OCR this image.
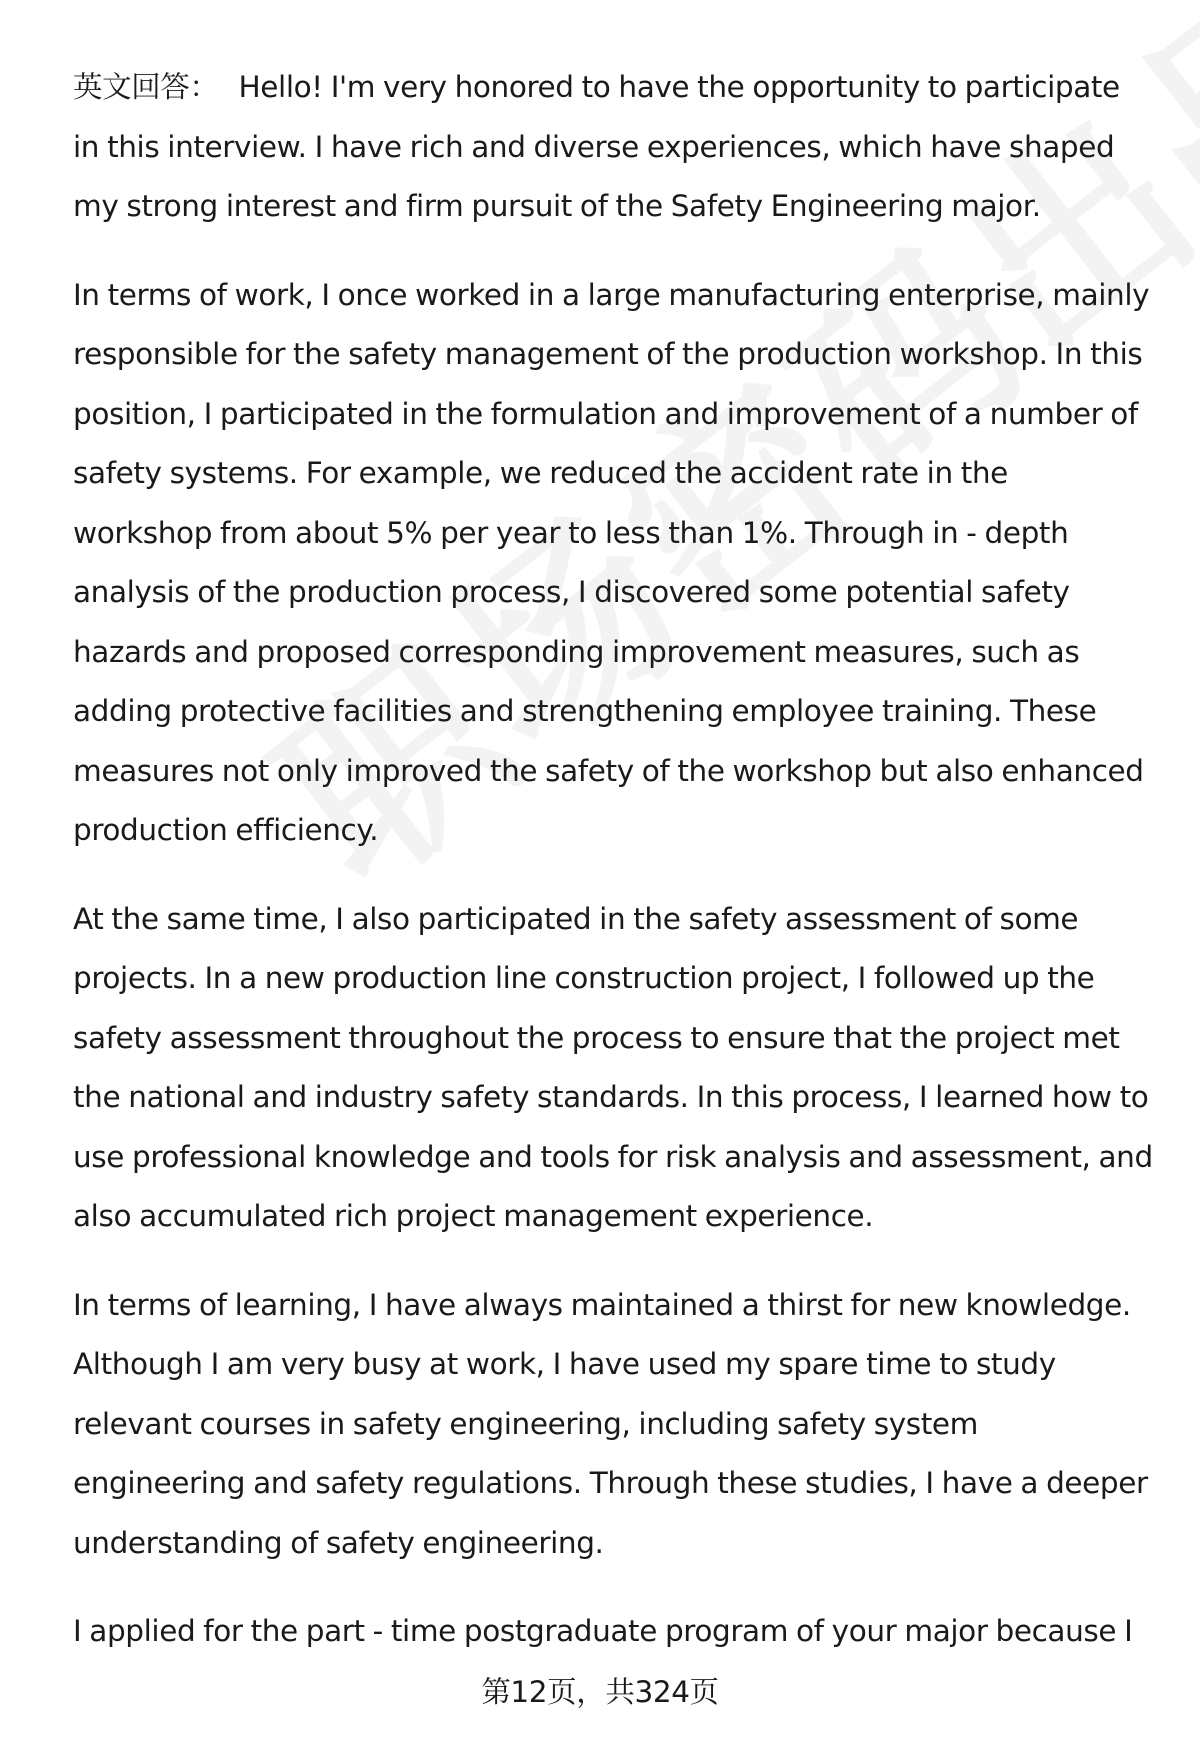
英文回答： Hello! I'm very honored to have the opportunity to participate in this interview. I have rich and diverse experiences, which have shaped my strong interest and firm pursuit of the Safety Engineering major.

In terms of work, I once worked in a large manufacturing enterprise, mainly responsible for the safety management of the production workshop. In this position, I participated in the formulation and improvement of a number of safety systems. For example, we reduced the accident rate in the workshop from about 5% per year to less than 1%. Through in - depth analysis of the production process, I discovered some potential safety hazards and proposed corresponding improvement measures, such as adding protective facilities and strengthening employee training. These measures not only improved the safety of the workshop but also enhanced production efficiency.

At the same time, I also participated in the safety assessment of some projects. In a new production line construction project, I followed up the safety assessment throughout the process to ensure that the project met the national and industry safety standards. In this process, I learned how to use professional knowledge and tools for risk analysis and assessment, and also accumulated rich project management experience.

In terms of learning, I have always maintained a thirst for new knowledge. Although I am very busy at work, I have used my spare time to study relevant courses in safety engineering, including safety system engineering and safety regulations. Through these studies, I have a deeper understanding of safety engineering.

I applied for the part - time postgraduate program of your major because I

第12页，共324页
